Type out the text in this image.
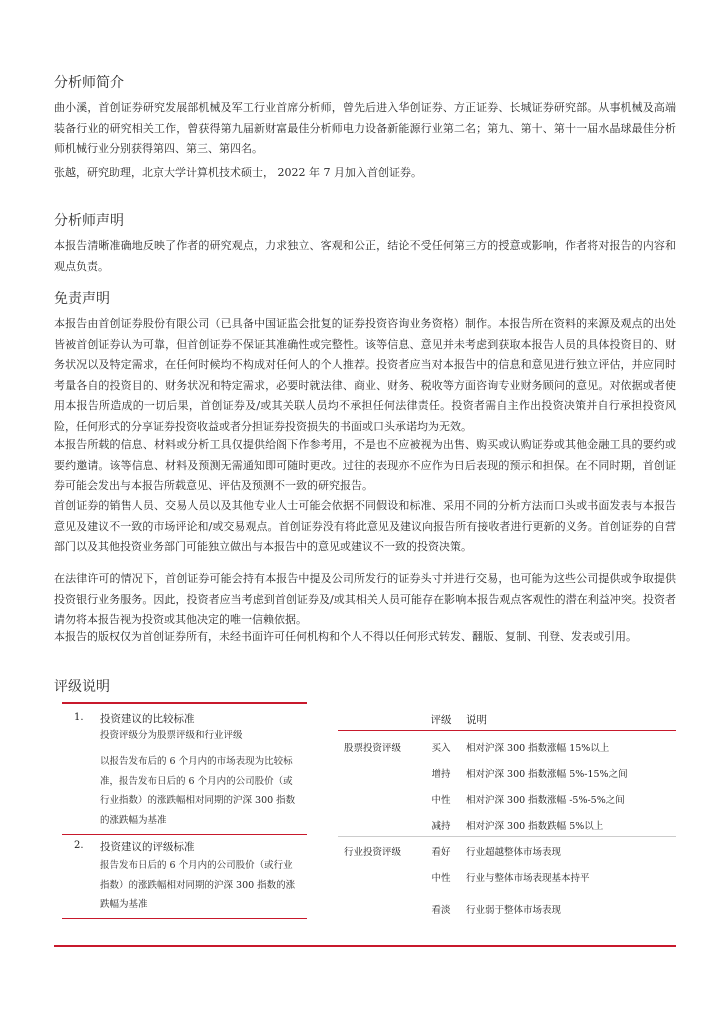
分析师简介
曲小溪，首创证券研究发展部机械及军工行业首席分析师，曾先后进入华创证券、方正证券、长城证券研究部。从事机械及高端装备行业的研究相关工作，曾获得第九届新财富最佳分析师电力设备新能源行业第二名；第九、第十、第十一届水晶球最佳分析师机械行业分别获得第四、第三、第四名。
张越，研究助理，北京大学计算机技术硕士， 2022 年 7 月加入首创证券。
分析师声明
本报告清晰准确地反映了作者的研究观点，力求独立、客观和公正，结论不受任何第三方的授意或影响，作者将对报告的内容和观点负责。
免责声明
本报告由首创证券股份有限公司（已具备中国证监会批复的证券投资咨询业务资格）制作。本报告所在资料的来源及观点的出处皆被首创证券认为可靠，但首创证券不保证其准确性或完整性。该等信息、意见并未考虑到获取本报告人员的具体投资目的、财务状况以及特定需求，在任何时候均不构成对任何人的个人推荐。投资者应当对本报告中的信息和意见进行独立评估，并应同时考量各自的投资目的、财务状况和特定需求，必要时就法律、商业、财务、税收等方面咨询专业财务顾问的意见。对依据或者使用本报告所造成的一切后果，首创证券及/或其关联人员均不承担任何法律责任。投资者需自主作出投资决策并自行承担投资风险，任何形式的分享证券投资收益或者分担证券投资损失的书面或口头承诺均为无效。
本报告所载的信息、材料或分析工具仅提供给阁下作参考用，不是也不应被视为出售、购买或认购证券或其他金融工具的要约或要约邀请。该等信息、材料及预测无需通知即可随时更改。过往的表现亦不应作为日后表现的预示和担保。在不同时期，首创证券可能会发出与本报告所载意见、评估及预测不一致的研究报告。
首创证券的销售人员、交易人员以及其他专业人士可能会依据不同假设和标准、采用不同的分析方法而口头或书面发表与本报告意见及建议不一致的市场评论和/或交易观点。首创证券没有将此意见及建议向报告所有接收者进行更新的义务。首创证券的自营部门以及其他投资业务部门可能独立做出与本报告中的意见或建议不一致的投资决策。
在法律许可的情况下，首创证券可能会持有本报告中提及公司所发行的证券头寸并进行交易，也可能为这些公司提供或争取提供投资银行业务服务。因此，投资者应当考虑到首创证券及/或其相关人员可能存在影响本报告观点客观性的潜在利益冲突。投资者请勿将本报告视为投资或其他决定的唯一信赖依据。
本报告的版权仅为首创证券所有，未经书面许可任何机构和个人不得以任何形式转发、翻版、复制、刊登、发表或引用。
评级说明
1. 投资建议的比较标准
投资评级分为股票评级和行业评级
以报告发布后的 6 个月内的市场表现为比较标准，报告发布日后的 6 个月内的公司股价（或行业指数）的涨跌幅相对同期的沪深 300 指数的涨跌幅为基准
2. 投资建议的评级标准
报告发布日后的 6 个月内的公司股价（或行业指数）的涨跌幅相对同期的沪深 300 指数的涨跌幅为基准
评级	说明
股票投资评级	买入	相对沪深 300 指数涨幅 15%以上
增持	相对沪深 300 指数涨幅 5%-15%之间
中性	相对沪深 300 指数涨幅 -5%-5%之间
减持	相对沪深 300 指数跌幅 5%以上
行业投资评级	看好	行业超越整体市场表现
中性	行业与整体市场表现基本持平
看淡	行业弱于整体市场表现
